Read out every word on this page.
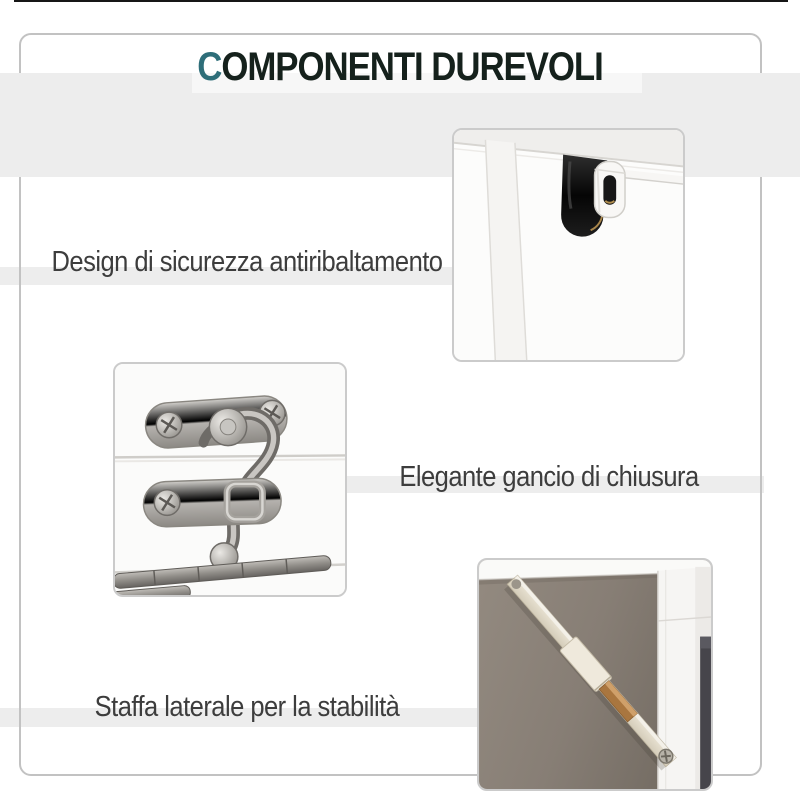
COMPONENTI DUREVOLI
Design di sicurezza antiribaltamento
Elegante gancio di chiusura
Staffa laterale per la stabilità
